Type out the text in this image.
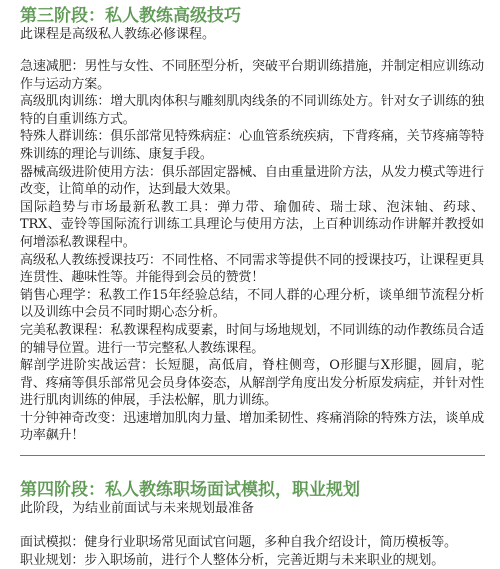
第三阶段：私人教练高级技巧

此课程是高级私人教练必修课程。

急速减肥：男性与女性、不同胚型分析，突破平台期训练措施，并制定相应训练动作与运动方案。

高级肌肉训练：增大肌肉体积与雕刻肌肉线条的不同训练处方。针对女子训练的独特的自重训练方式。

特殊人群训练：俱乐部常见特殊病症：心血管系统疾病，下背疼痛，关节疼痛等特殊训练的理论与训练、康复手段。

器械高级进阶使用方法：俱乐部固定器械、自由重量进阶方法，从发力模式等进行改变，让简单的动作，达到最大效果。

国际趋势与市场最新私教工具：弹力带、瑜伽砖、瑞士球、泡沫轴、药球、TRX、壶铃等国际流行训练工具理论与使用方法，上百种训练动作讲解并教授如何增添私教课程中。

高级私人教练授课技巧：不同性格、不同需求等提供不同的授课技巧，让课程更具连贯性、趣味性等。并能得到会员的赞赏！

销售心理学：私教工作15年经验总结，不同人群的心理分析，谈单细节流程分析以及训练中会员不同时期心态分析。

完美私教课程：私教课程构成要素，时间与场地规划，不同训练的动作教练员合适的辅导位置。进行一节完整私人教练课程。

解剖学进阶实战运营：长短腿，高低肩，脊柱侧弯，O形腿与X形腿，圆肩，驼背、疼痛等俱乐部常见会员身体姿态，从解剖学角度出发分析原发病症，并针对性进行肌肉训练的伸展，手法松解，肌力训练。

十分钟神奇改变：迅速增加肌肉力量、增加柔韧性、疼痛消除的特殊方法，谈单成功率飙升！

第四阶段：私人教练职场面试模拟，职业规划

此阶段，为结业前面试与未来规划最准备

面试模拟：健身行业职场常见面试官问题，多种自我介绍设计，简历模板等。

职业规划：步入职场前，进行个人整体分析，完善近期与未来职业的规划。
